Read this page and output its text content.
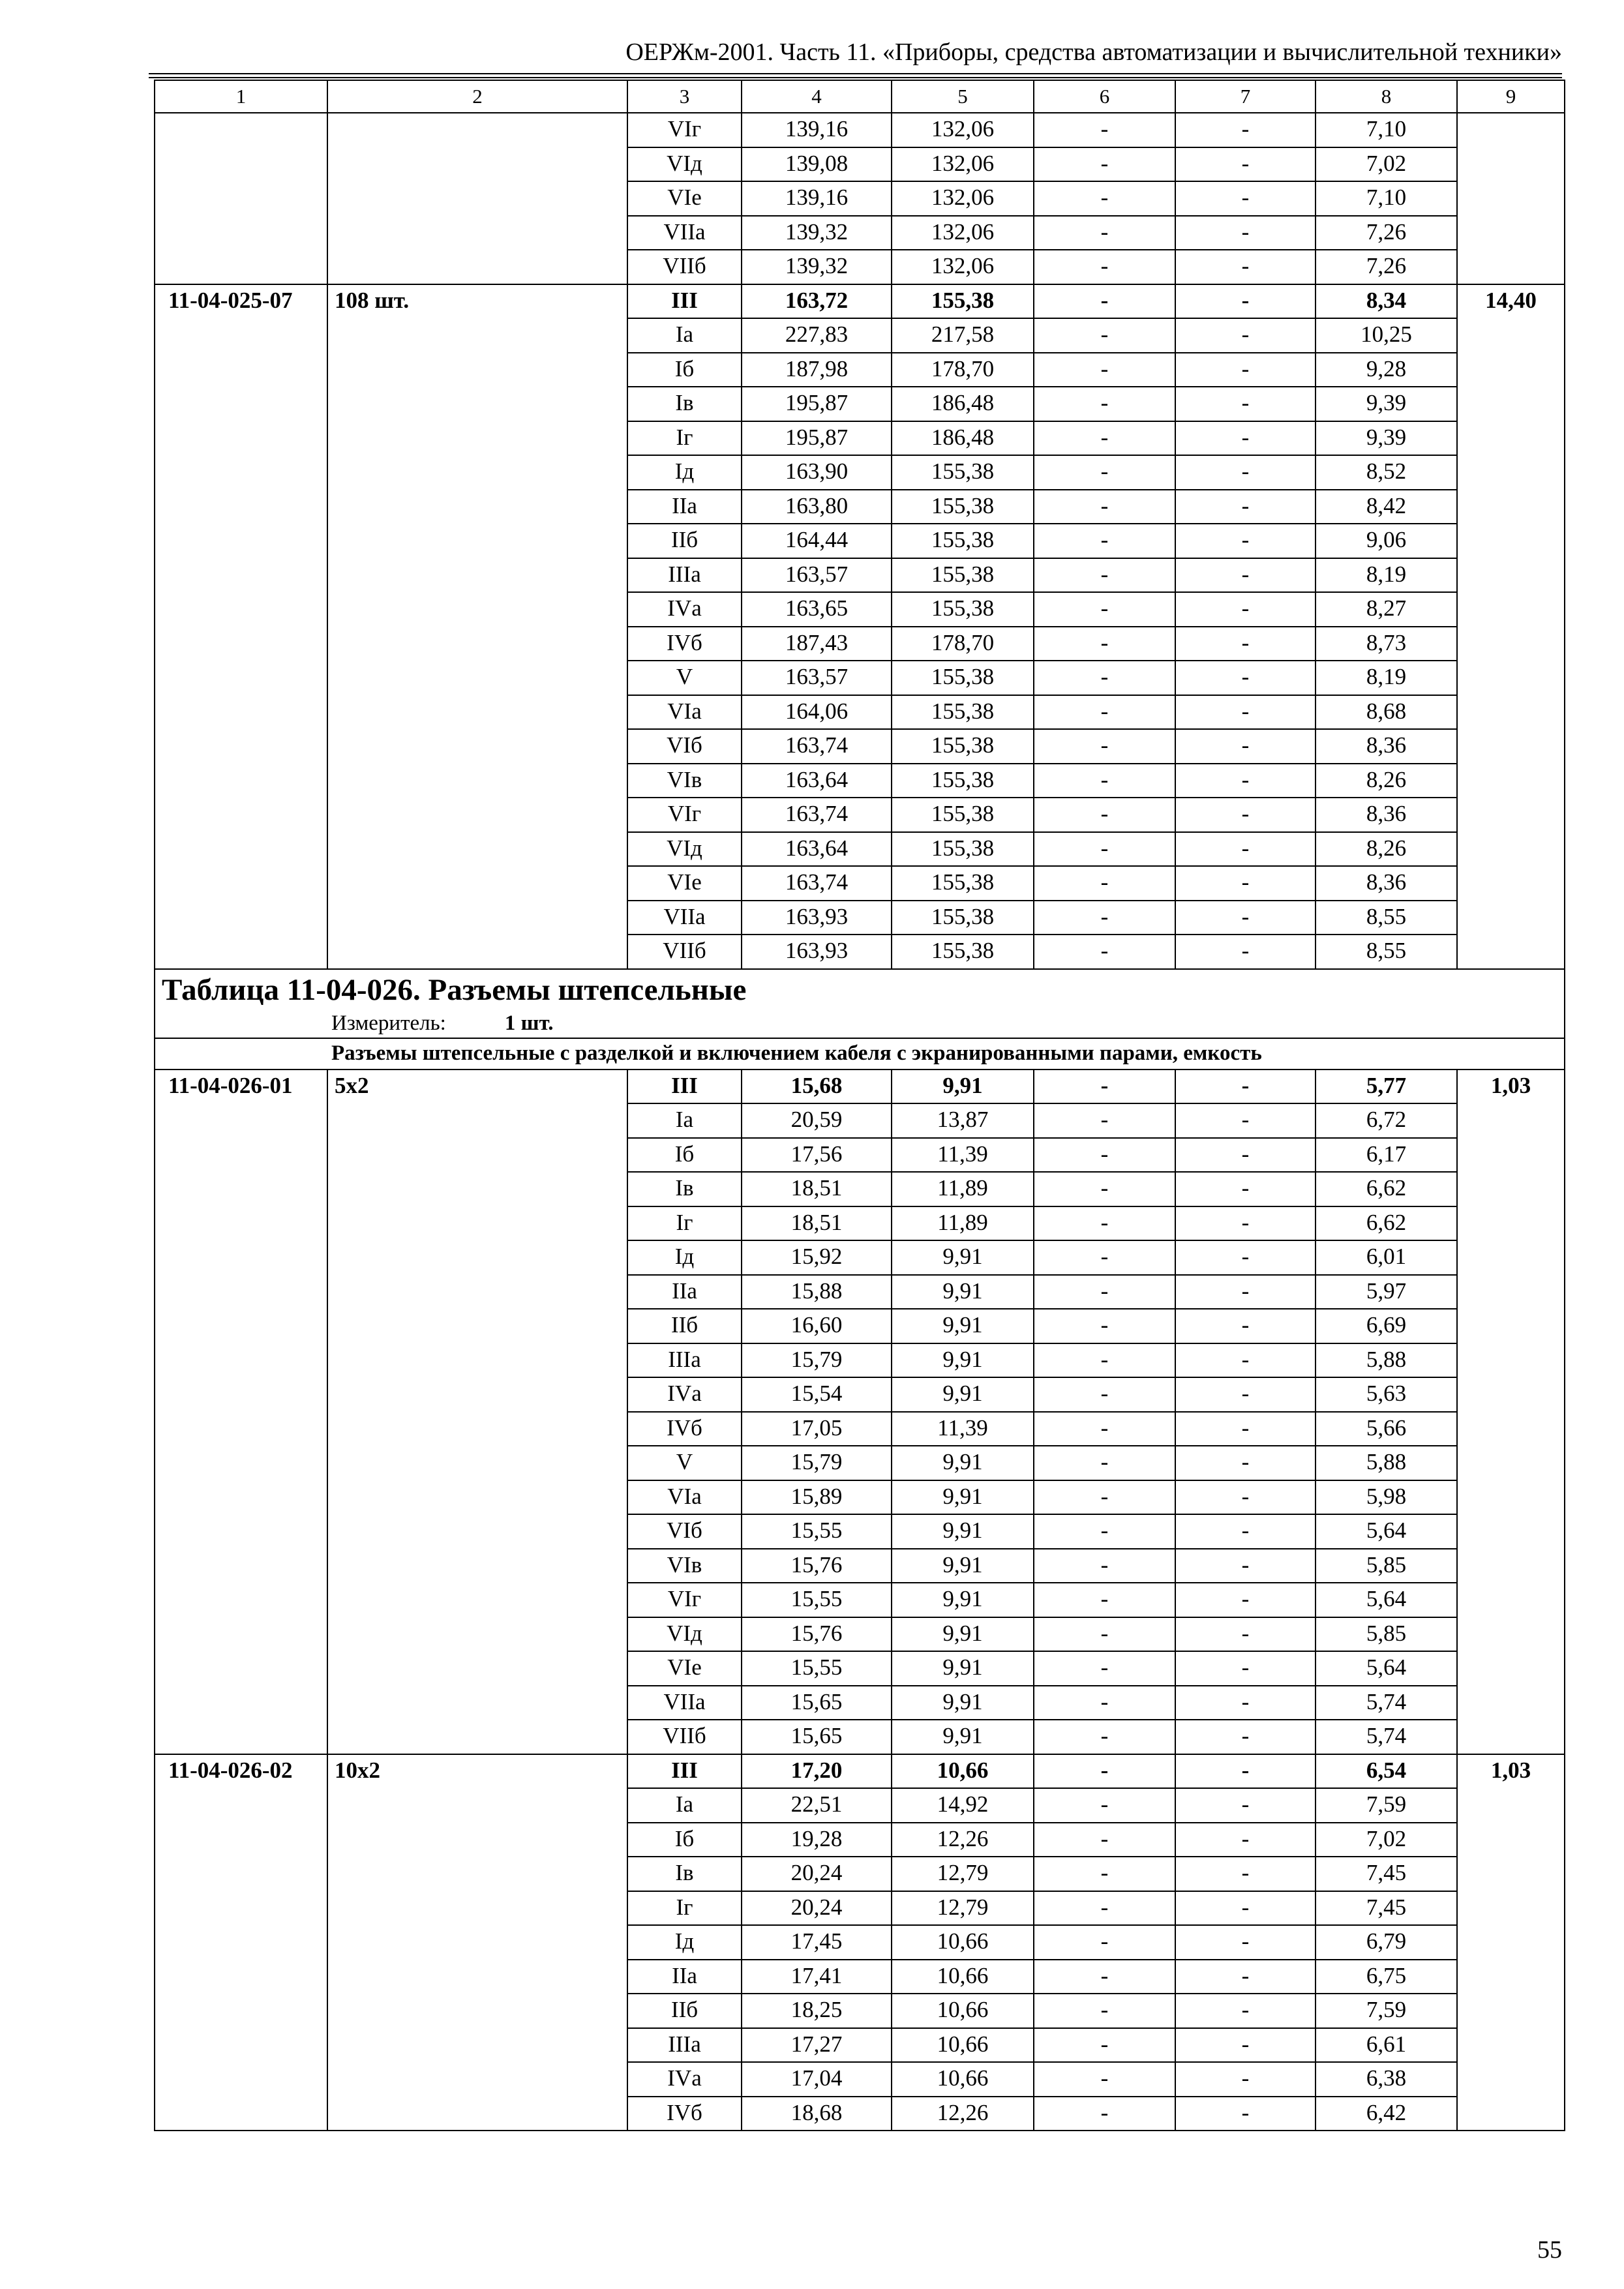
ОЕРЖм-2001. Часть 11. «Приборы, средства автоматизации и вычислительной техники»
1	2	3	4	5	6	7	8	9
		VIг	139,16	132,06	-	-	7,10	
		VIд	139,08	132,06	-	-	7,02	
		VIе	139,16	132,06	-	-	7,10	
		VIIа	139,32	132,06	-	-	7,26	
		VIIб	139,32	132,06	-	-	7,26	
11-04-025-07	108 шт.	III	163,72	155,38	-	-	8,34	14,40
		Iа	227,83	217,58	-	-	10,25	
		Iб	187,98	178,70	-	-	9,28	
		Iв	195,87	186,48	-	-	9,39	
		Iг	195,87	186,48	-	-	9,39	
		Iд	163,90	155,38	-	-	8,52	
		IIа	163,80	155,38	-	-	8,42	
		IIб	164,44	155,38	-	-	9,06	
		IIIа	163,57	155,38	-	-	8,19	
		IVа	163,65	155,38	-	-	8,27	
		IVб	187,43	178,70	-	-	8,73	
		V	163,57	155,38	-	-	8,19	
		VIа	164,06	155,38	-	-	8,68	
		VIб	163,74	155,38	-	-	8,36	
		VIв	163,64	155,38	-	-	8,26	
		VIг	163,74	155,38	-	-	8,36	
		VIд	163,64	155,38	-	-	8,26	
		VIе	163,74	155,38	-	-	8,36	
		VIIа	163,93	155,38	-	-	8,55	
		VIIб	163,93	155,38	-	-	8,55	
Таблица 11-04-026. Разъемы штепсельные								
Измеритель: 1 шт.								
Разъемы штепсельные с разделкой и включением кабеля с экранированными парами, емкость								
11-04-026-01	5х2	III	15,68	9,91	-	-	5,77	1,03
		Iа	20,59	13,87	-	-	6,72	
		Iб	17,56	11,39	-	-	6,17	
		Iв	18,51	11,89	-	-	6,62	
		Iг	18,51	11,89	-	-	6,62	
		Iд	15,92	9,91	-	-	6,01	
		IIа	15,88	9,91	-	-	5,97	
		IIб	16,60	9,91	-	-	6,69	
		IIIа	15,79	9,91	-	-	5,88	
		IVа	15,54	9,91	-	-	5,63	
		IVб	17,05	11,39	-	-	5,66	
		V	15,79	9,91	-	-	5,88	
		VIа	15,89	9,91	-	-	5,98	
		VIб	15,55	9,91	-	-	5,64	
		VIв	15,76	9,91	-	-	5,85	
		VIг	15,55	9,91	-	-	5,64	
		VIд	15,76	9,91	-	-	5,85	
		VIе	15,55	9,91	-	-	5,64	
		VIIа	15,65	9,91	-	-	5,74	
		VIIб	15,65	9,91	-	-	5,74	
11-04-026-02	10х2	III	17,20	10,66	-	-	6,54	1,03
		Iа	22,51	14,92	-	-	7,59	
		Iб	19,28	12,26	-	-	7,02	
		Iв	20,24	12,79	-	-	7,45	
		Iг	20,24	12,79	-	-	7,45	
		Iд	17,45	10,66	-	-	6,79	
		IIа	17,41	10,66	-	-	6,75	
		IIб	18,25	10,66	-	-	7,59	
		IIIа	17,27	10,66	-	-	6,61	
		IVа	17,04	10,66	-	-	6,38	
		IVб	18,68	12,26	-	-	6,42	
55
